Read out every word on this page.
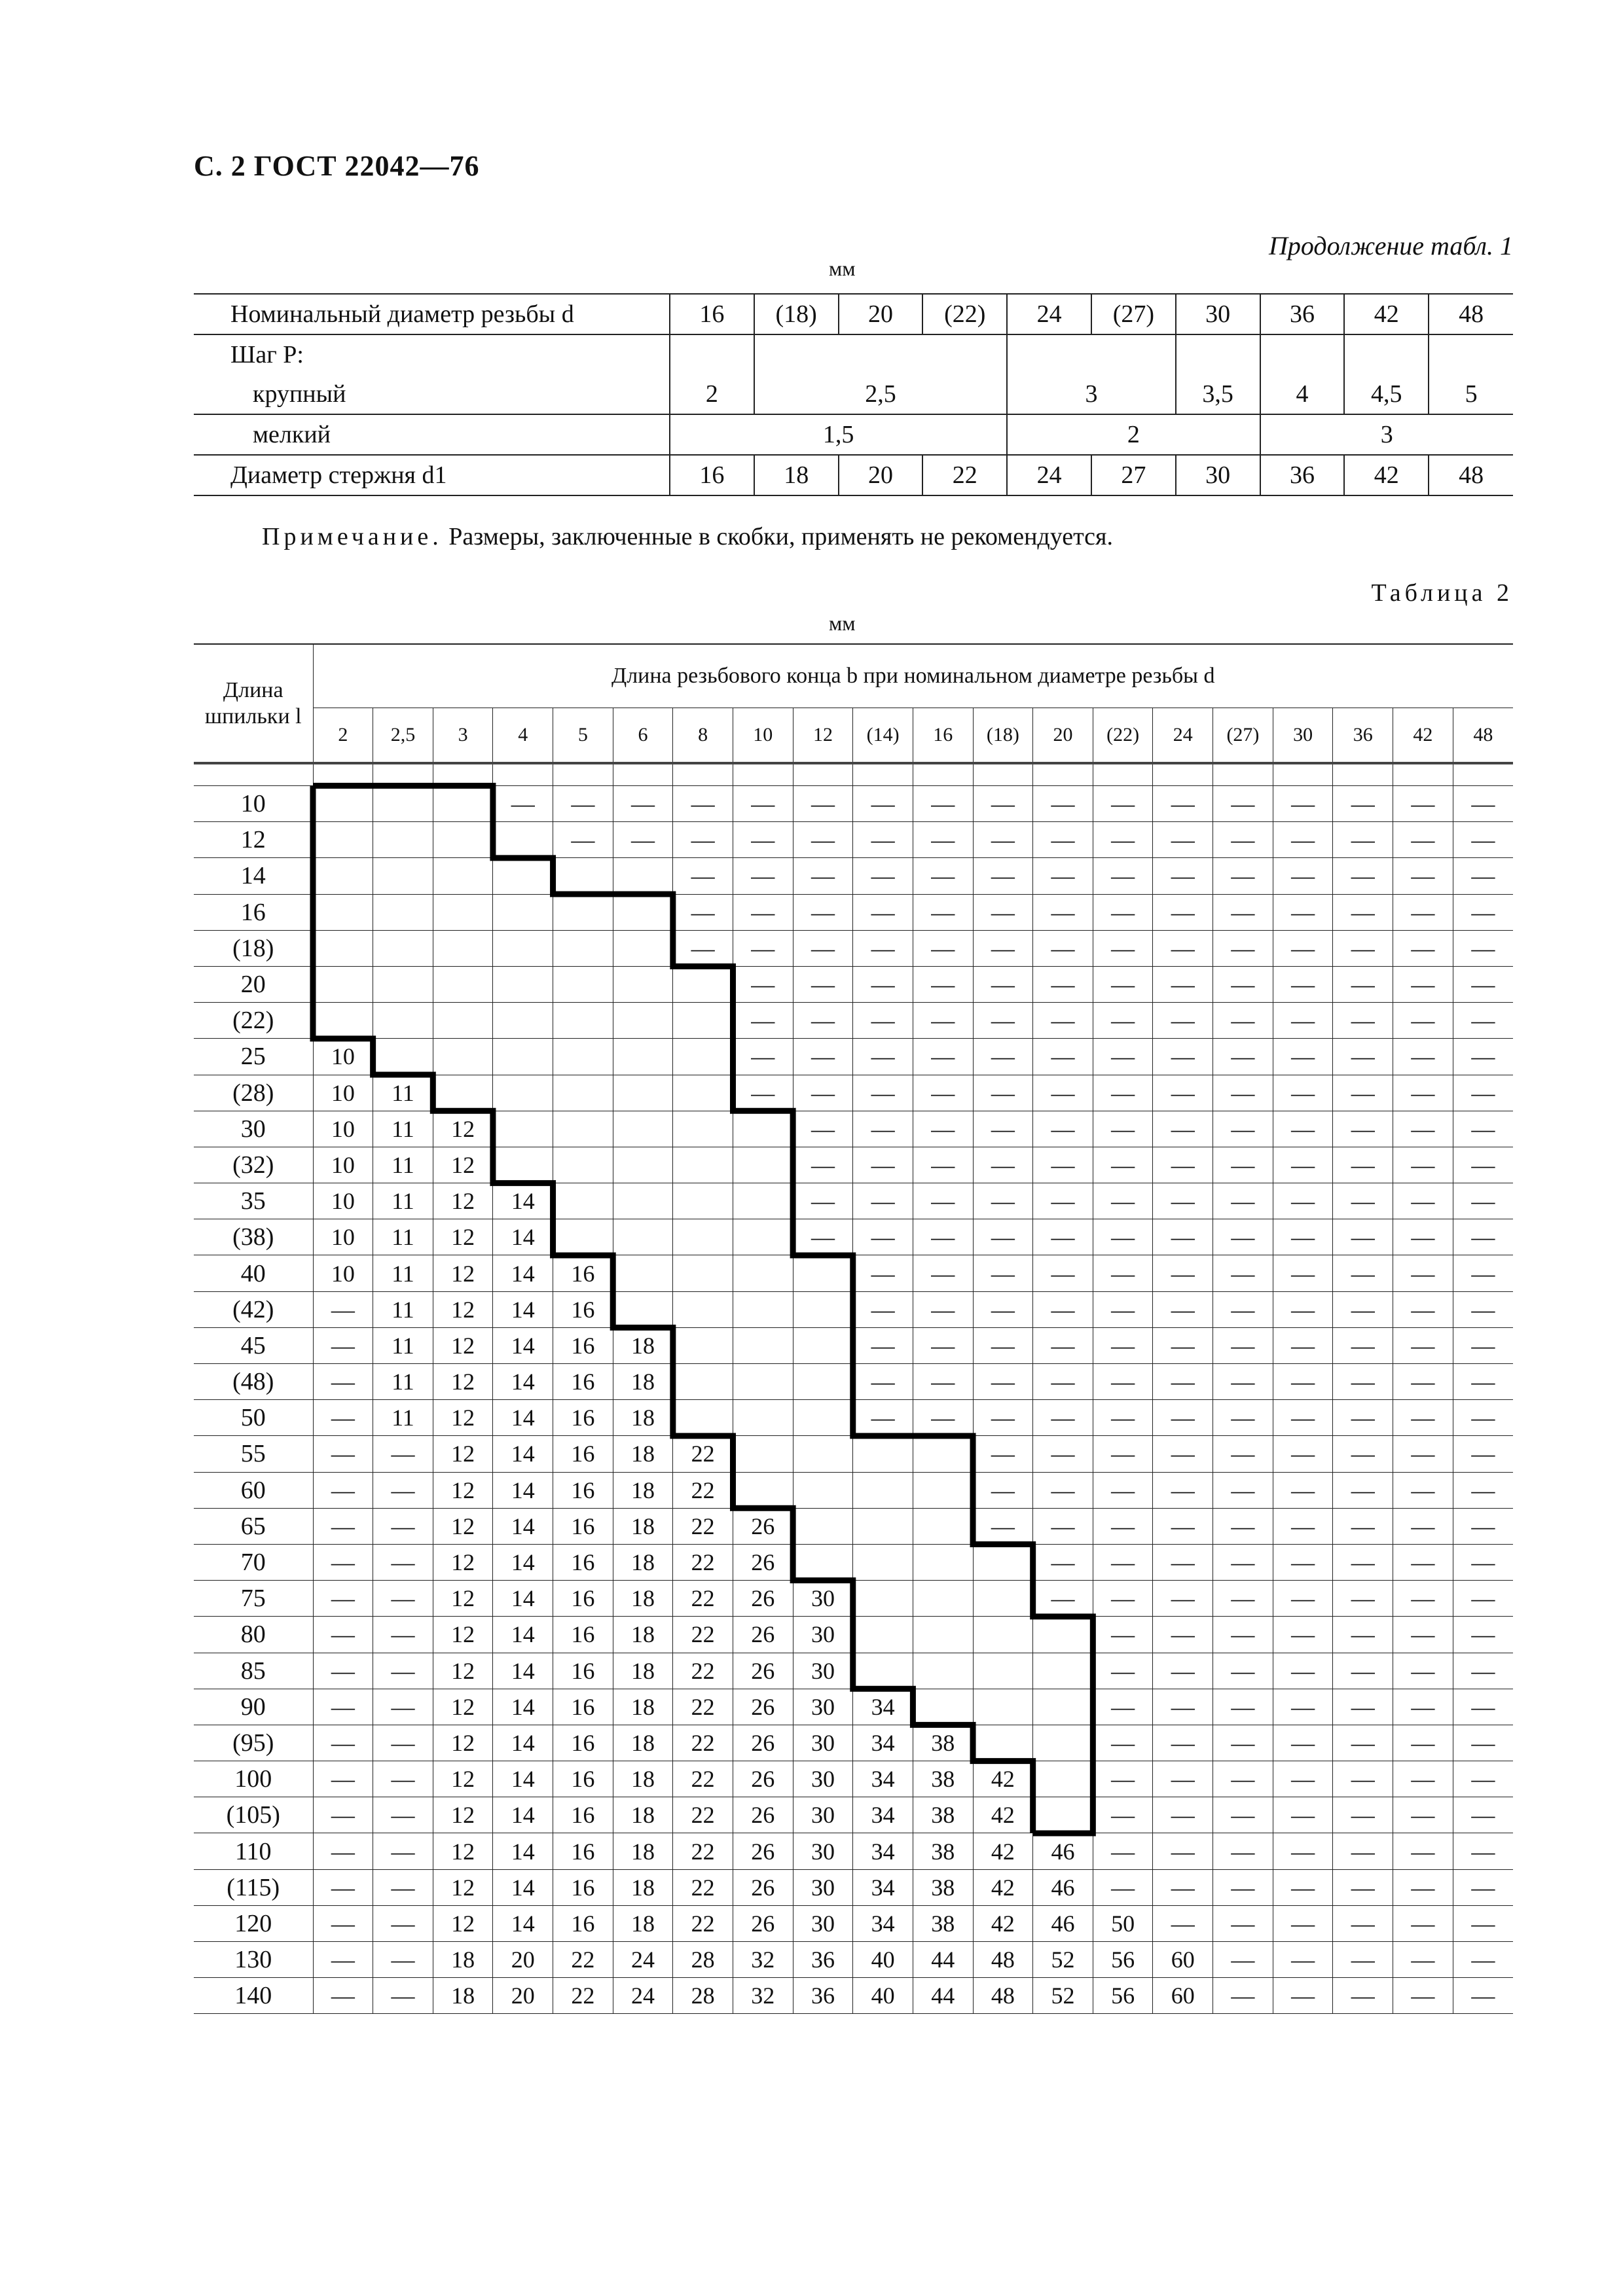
С. 2 ГОСТ 22042—76
Продолжение табл. 1
мм
Номинальный диаметр резьбы d	16	(18)	20	(22)	24	(27)	30	36	42	48
Шаг P:										
крупный	2	2,5			3		3,5	4	4,5	5
мелкий	1,5				2			3		
Диаметр стержня d1	16	18	20	22	24	27	30	36	42	48
Примечание. Размеры, заключенные в скобки, применять не рекомендуется.
Таблица 2
мм
Длина шпильки l	Длина резьбового конца b при номинальном диаметре резьбы d																			
	2	2,5	3	4	5	6	8	10	12	(14)	16	(18)	20	(22)	24	(27)	30	36	42	48

10				—	—	—	—	—	—	—	—	—	—	—	—	—	—	—	—	—
12					—	—	—	—	—	—	—	—	—	—	—	—	—	—	—	—
14							—	—	—	—	—	—	—	—	—	—	—	—	—	—
16							—	—	—	—	—	—	—	—	—	—	—	—	—	—
(18)							—	—	—	—	—	—	—	—	—	—	—	—	—	—
20								—	—	—	—	—	—	—	—	—	—	—	—	—
(22)								—	—	—	—	—	—	—	—	—	—	—	—	—
25	10							—	—	—	—	—	—	—	—	—	—	—	—	—
(28)	10	11						—	—	—	—	—	—	—	—	—	—	—	—	—
30	10	11	12						—	—	—	—	—	—	—	—	—	—	—	—
(32)	10	11	12						—	—	—	—	—	—	—	—	—	—	—	—
35	10	11	12	14					—	—	—	—	—	—	—	—	—	—	—	—
(38)	10	11	12	14					—	—	—	—	—	—	—	—	—	—	—	—
40	10	11	12	14	16					—	—	—	—	—	—	—	—	—	—	—
(42)	—	11	12	14	16					—	—	—	—	—	—	—	—	—	—	—
45	—	11	12	14	16	18				—	—	—	—	—	—	—	—	—	—	—
(48)	—	11	12	14	16	18				—	—	—	—	—	—	—	—	—	—	—
50	—	11	12	14	16	18				—	—	—	—	—	—	—	—	—	—	—
55	—	—	12	14	16	18	22					—	—	—	—	—	—	—	—	—
60	—	—	12	14	16	18	22					—	—	—	—	—	—	—	—	—
65	—	—	12	14	16	18	22	26				—	—	—	—	—	—	—	—	—
70	—	—	12	14	16	18	22	26					—	—	—	—	—	—	—	—
75	—	—	12	14	16	18	22	26	30				—	—	—	—	—	—	—	—
80	—	—	12	14	16	18	22	26	30					—	—	—	—	—	—	—
85	—	—	12	14	16	18	22	26	30					—	—	—	—	—	—	—
90	—	—	12	14	16	18	22	26	30	34				—	—	—	—	—	—	—
(95)	—	—	12	14	16	18	22	26	30	34	38			—	—	—	—	—	—	—
100	—	—	12	14	16	18	22	26	30	34	38	42		—	—	—	—	—	—	—
(105)	—	—	12	14	16	18	22	26	30	34	38	42		—	—	—	—	—	—	—
110	—	—	12	14	16	18	22	26	30	34	38	42	46	—	—	—	—	—	—	—
(115)	—	—	12	14	16	18	22	26	30	34	38	42	46	—	—	—	—	—	—	—
120	—	—	12	14	16	18	22	26	30	34	38	42	46	50	—	—	—	—	—	—
130	—	—	18	20	22	24	28	32	36	40	44	48	52	56	60	—	—	—	—	—
140	—	—	18	20	22	24	28	32	36	40	44	48	52	56	60	—	—	—	—	—
